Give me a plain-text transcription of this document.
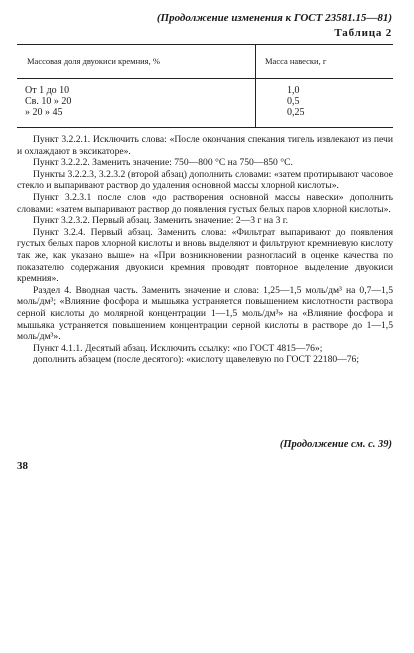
(Продолжение изменения к ГОСТ 23581.15—81)
Таблица 2
Массовая доля двуокиси кремния, %	Масса навески, г
От 1 до 10	1,0
Св. 10 » 20	0,5
» 20 » 45	0,25

Пункт 3.2.2.1. Исключить слова: «После окончания спекания тигель извлекают из печи и охлаждают в эксикаторе».

Пункт 3.2.2.2. Заменить значение: 750—800 °С на 750—850 °С.

Пункты 3.2.2.3, 3.2.3.2 (второй абзац) дополнить словами: «затем протирывают часовое стекло и выпаривают раствор до удаления основной массы хлорной кислоты».

Пункт 3.2.3.1 после слов «до растворения основной массы навески» дополнить словами: «затем выпаривают раствор до появления густых белых паров хлорной кислоты».

Пункт 3.2.3.2. Первый абзац. Заменить значение: 2—3 г на 3 г.

Пункт 3.2.4. Первый абзац. Заменить слова: «Фильтрат выпаривают до появления густых белых паров хлорной кислоты и вновь выделяют и фильтруют кремниевую кислоту так же, как указано выше» на «При возникновении разногласий в оценке качества по показателю содержания двуокиси кремния проводят повторное выделение двуокиси кремния».

Раздел 4. Вводная часть. Заменить значение и слова: 1,25—1,5 моль/дм³ на 0,7—1,5 моль/дм³; «Влияние фосфора и мышьяка устраняется повышением кислотности раствора серной кислоты до молярной концентрации 1—1,5 моль/дм³» на «Влияние фосфора и мышьяка устраняется повышением концентрации серной кислоты в растворе до 1—1,5 моль/дм³».

Пункт 4.1.1. Десятый абзац. Исключить ссылку: «по ГОСТ 4815—76»;

дополнить абзацем (после десятого): «кислоту щавелевую по ГОСТ 22180—76;

(Продолжение см. с. 39)
38
